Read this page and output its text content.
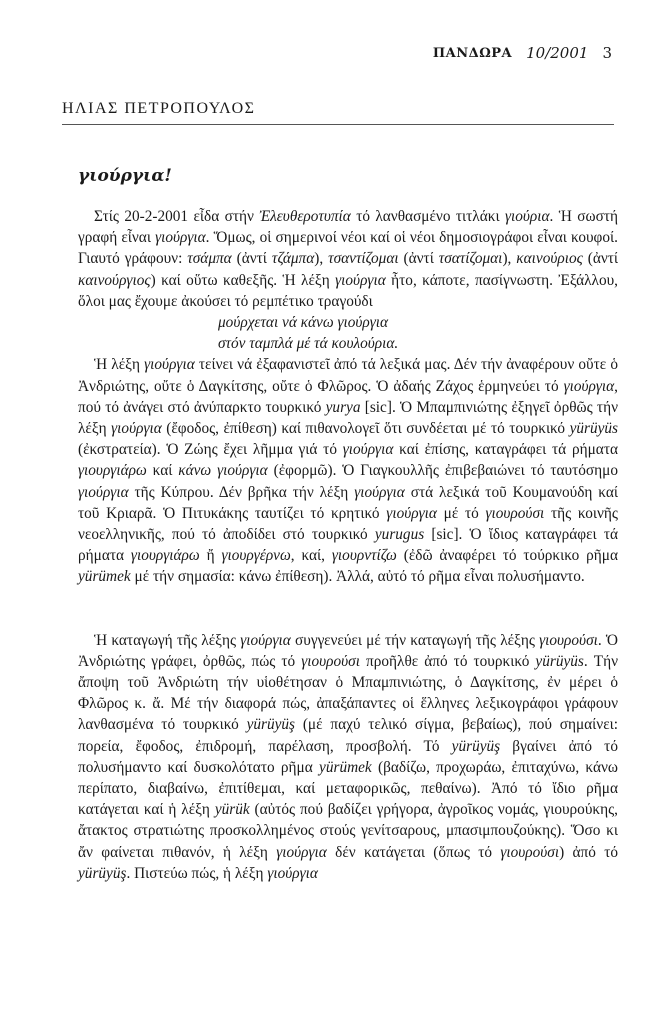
ΠΑΝΔΩΡΑ 10/2001 3
ΗΛΙΑΣ ΠΕΤΡΟΠΟΥΛΟΣ
γιούργια!

Στίς 20-2-2001 εἶδα στήν Ἐλευθεροτυπία τό λανθασμένο τιτλάκι γιούρια. Ἡ σωστή γραφή εἶναι γιούργια. Ὅμως, οἱ σημερινοί νέοι καί οἱ νέοι δημοσιογράφοι εἶναι κουφοί. Γιαυτό γράφουν: τσάμπα (ἀντί τζάμπα), τσαντίζομαι (ἀντί τσατίζομαι), καινούριος (ἀντί καινούργιος) καί οὕτω καθεξῆς. Ἡ λέξη γιούργια ἦτο, κάποτε, πασίγνωστη. Ἐξάλλου, ὅλοι μας ἔχουμε ἀκούσει τό ρεμπέτικο τραγούδι

μούρχεται νά κάνω γιούργια
στόν ταμπλά μέ τά κουλούρια.

Ἡ λέξη γιούργια τείνει νά ἐξαφανιστεῖ ἀπό τά λεξικά μας. Δέν τήν ἀναφέρουν οὔτε ὁ Ἀνδριώτης, οὔτε ὁ Δαγκίτσης, οὔτε ὁ Φλῶρος. Ὁ ἀδαής Ζάχος ἑρμηνεύει τό γιούργια, πού τό ἀνάγει στό ἀνύπαρκτο τουρκικό yurya [sic]. Ὁ Μπαμπινιώτης ἐξηγεῖ ὀρθῶς τήν λέξη γιούργια (ἔφοδος, ἐπίθεση) καί πιθανολογεῖ ὅτι συνδέεται μέ τό τουρκικό yürüyüs (ἐκστρατεία). Ὁ Ζώης ἔχει λῆμμα γιά τό γιούργια καί ἐπίσης, καταγράφει τά ρήματα γιουργιάρω καί κάνω γιούργια (ἐφορμῶ). Ὁ Γιαγκουλλῆς ἐπιβεβαιώνει τό ταυτόσημο γιούργια τῆς Κύπρου. Δέν βρῆκα τήν λέξη γιούργια στά λεξικά τοῦ Κουμανούδη καί τοῦ Κριαρᾶ. Ὁ Πιτυκάκης ταυτίζει τό κρητικό γιούργια μέ τό γιουρούσι τῆς κοινῆς νεοελληνικῆς, πού τό ἀποδίδει στό τουρκικό yurugus [sic]. Ὁ ἴδιος καταγράφει τά ρήματα γιουργιάρω ἤ γιουργέρνω, καί, γιουρντίζω (ἐδῶ ἀναφέρει τό τούρκικο ρῆμα yürümek μέ τήν σημασία: κάνω ἐπίθεση). Ἀλλά, αὐτό τό ρῆμα εἶναι πολυσήμαντο.

Ἡ καταγωγή τῆς λέξης γιούργια συγγενεύει μέ τήν καταγωγή τῆς λέξης γιουρούσι. Ὁ Ἀνδριώτης γράφει, ὀρθῶς, πώς τό γιουρούσι προῆλθε ἀπό τό τουρκικό yürüyüs. Τήν ἄποψη τοῦ Ἀνδριώτη τήν υἱοθέτησαν ὁ Μπαμπινιώτης, ὁ Δαγκίτσης, ἐν μέρει ὁ Φλῶρος κ. ἄ. Μέ τήν διαφορά πώς, ἀπαξάπαντες οἱ ἕλληνες λεξικογράφοι γράφουν λανθασμένα τό τουρκικό yürüyüş (μέ παχύ τελικό σίγμα, βεβαίως), πού σημαίνει: πορεία, ἔφοδος, ἐπιδρομή, παρέλαση, προσβολή. Τό yürüyüş βγαίνει ἀπό τό πολυσήμαντο καί δυσκολότατο ρῆμα yürümek (βαδίζω, προχωράω, ἐπιταχύνω, κάνω περίπατο, διαβαίνω, ἐπιτίθεμαι, καί μεταφορικῶς, πεθαίνω). Ἀπό τό ἴδιο ρῆμα κατάγεται καί ἡ λέξη yürük (αὐτός πού βαδίζει γρήγορα, ἀγροῖκος νομάς, γιουρούκης, ἄτακτος στρατιώτης προσκολλημένος στούς γενίτσαρους, μπασιμπουζούκης). Ὅσο κι ἄν φαίνεται πιθανόν, ἡ λέξη γιούργια δέν κατάγεται (ὅπως τό γιουρούσι) ἀπό τό yürüyüş. Πιστεύω πώς, ἡ λέξη γιούργια
